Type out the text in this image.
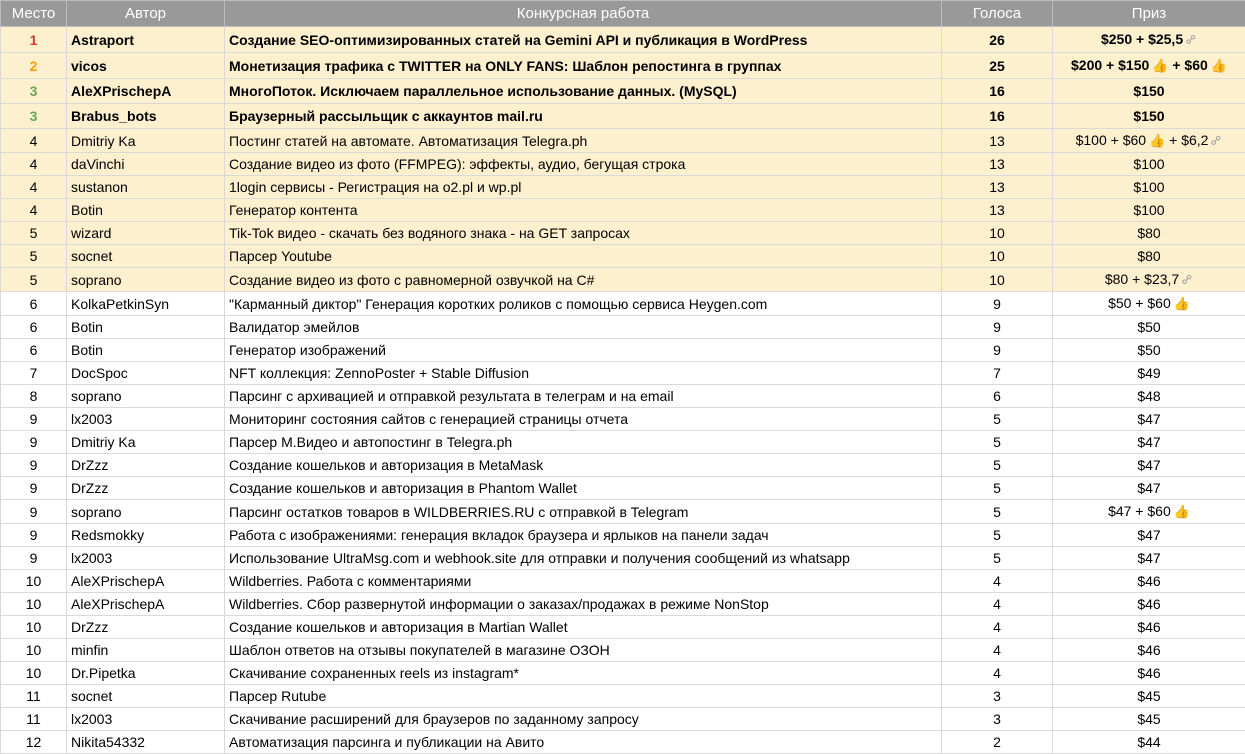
Место	Автор	Конкурсная работа	Голоса	Приз
1	Astraport	Создание SEO-оптимизированных статей на Gemini API и публикация в WordPress	26	$250 + $25,5⚯
2	vicos	Монетизация трафика с TWITTER на ONLY FANS: Шаблон репостинга в группах	25	$200 + $150 👍 + $60 👍
3	AleXPrischepA	МногоПоток. Исключаем параллельное использование данных. (MySQL)	16	$150
3	Brabus_bots	Браузерный рассыльщик с аккаунтов mail.ru	16	$150
4	Dmitriy Ka	Постинг статей на автомате. Автоматизация Telegra.ph	13	$100 + $60 👍 + $6,2⚯
4	daVinchi	Создание видео из фото (FFMPEG): эффекты, аудио, бегущая строка	13	$100
4	sustanon	1login сервисы - Регистрация на o2.pl и wp.pl	13	$100
4	Botin	Генератор контента	13	$100
5	wizard	Tik-Tok видео - скачать без водяного знака - на GET запросах	10	$80
5	socnet	Парсер Youtube	10	$80
5	soprano	Создание видео из фото с равномерной озвучкой на C#	10	$80 + $23,7⚯
6	KolkaPetkinSyn	"Карманный диктор" Генерация коротких роликов с помощью сервиса Heygen.com	9	$50 + $60 👍
6	Botin	Валидатор эмейлов	9	$50
6	Botin	Генератор изображений	9	$50
7	DocSpoc	NFT коллекция: ZennoPoster + Stable Diffusion	7	$49
8	soprano	Парсинг с архивацией и отправкой результата в телеграм и на email	6	$48
9	lx2003	Мониторинг состояния сайтов с генерацией страницы отчета	5	$47
9	Dmitriy Ka	Парсер М.Видео и автопостинг в Telegra.ph	5	$47
9	DrZzz	Создание кошельков и авторизация в MetaMask	5	$47
9	DrZzz	Создание кошельков и авторизация в Phantom Wallet	5	$47
9	soprano	Парсинг остатков товаров в WILDBERRIES.RU с отправкой в Telegram	5	$47 + $60 👍
9	Redsmokky	Работа с изображениями: генерация вкладок браузера и ярлыков на панели задач	5	$47
9	lx2003	Использование UltraMsg.com и webhook.site для отправки и получения сообщений из whatsapp	5	$47
10	AleXPrischepA	Wildberries. Работа с комментариями	4	$46
10	AleXPrischepA	Wildberries. Сбор развернутой информации о заказах/продажах в режиме NonStop	4	$46
10	DrZzz	Создание кошельков и авторизация в Martian Wallet	4	$46
10	minfin	Шаблон ответов на отзывы покупателей в магазине ОЗОН	4	$46
10	Dr.Pipetka	Скачивание сохраненных reels из instagram*	4	$46
11	socnet	Парсер Rutube	3	$45
11	lx2003	Скачивание расширений для браузеров по заданному запросу	3	$45
12	Nikita54332	Автоматизация парсинга и публикации на Авито	2	$44
